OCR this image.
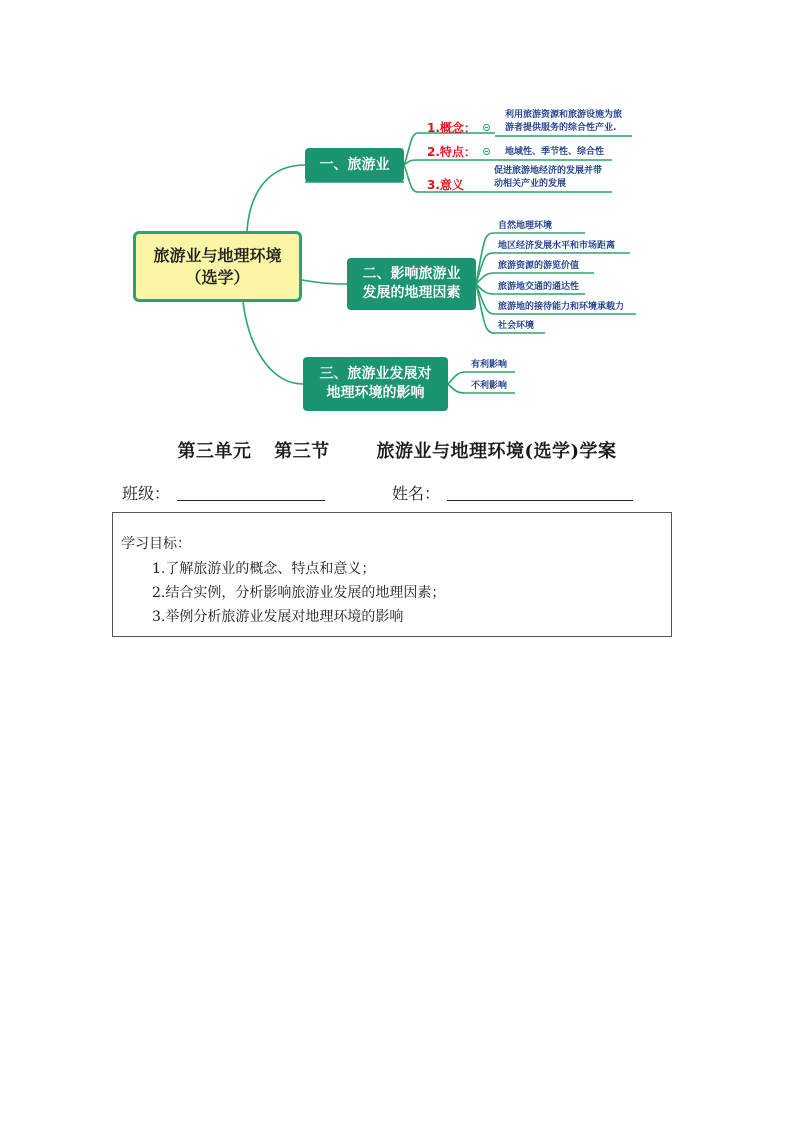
旅游业与地理环境（选学）
一、旅游业
二、影响旅游业
发展的地理因素
三、旅游业发展对
地理环境的影响
1.概念：
2.特点：
3.意义
利用旅游资源和旅游设施为旅
游者提供服务的综合性产业.
地域性、季节性、综合性
促进旅游地经济的发展并带
动相关产业的发展
自然地理环境
地区经济发展水平和市场距离
旅游资源的游览价值
旅游地交通的通达性
旅游地的接待能力和环境承载力
社会环境
有利影响
不利影响
第三单元 第三节	旅游业与地理环境(选学)学案
班级：	姓名：
学习目标：
1.了解旅游业的概念、特点和意义；
2.结合实例，分析影响旅游业发展的地理因素；
3.举例分析旅游业发展对地理环境的影响
